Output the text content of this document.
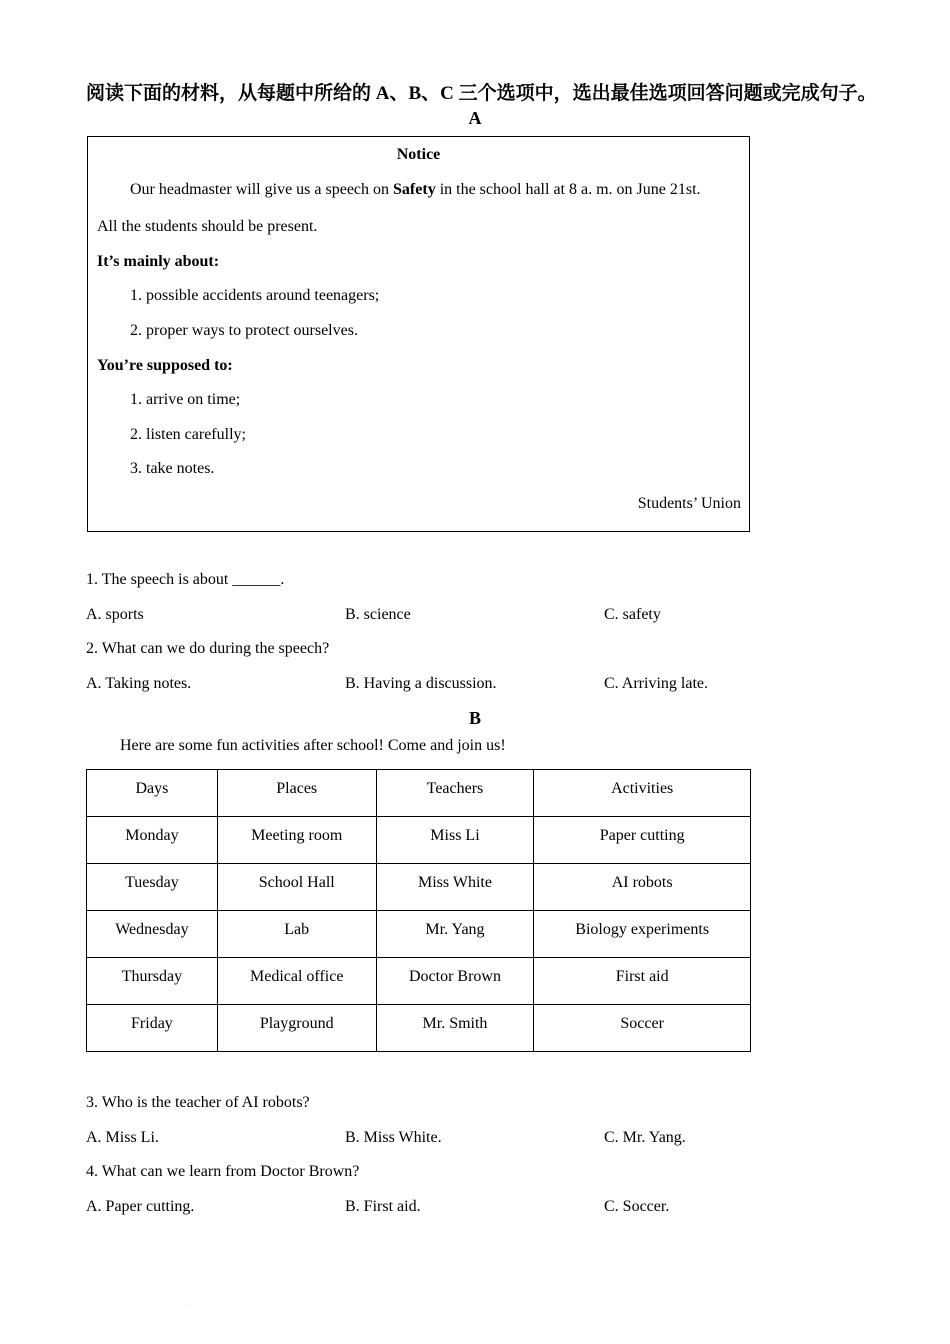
阅读下面的材料，从每题中所给的 A、B、C 三个选项中，选出最佳选项回答问题或完成句子。
A
Notice
Our headmaster will give us a speech on Safety in the school hall at 8 a. m. on June 21st.
All the students should be present.
It’s mainly about:
1. possible accidents around teenagers;
2. proper ways to protect ourselves.
You’re supposed to:
1. arrive on time;
2. listen carefully;
3. take notes.
Students’ Union
1. The speech is about ______.
A. sports	B. science	C. safety
2. What can we do during the speech?
A. Taking notes.	B. Having a discussion.	C. Arriving late.
B
Here are some fun activities after school! Come and join us!
Days	Places	Teachers	Activities
Monday	Meeting room	Miss Li	Paper cutting
Tuesday	School Hall	Miss White	AI robots
Wednesday	Lab	Mr. Yang	Biology experiments
Thursday	Medical office	Doctor Brown	First aid
Friday	Playground	Mr. Smith	Soccer
3. Who is the teacher of AI robots?
A. Miss Li.	B. Miss White.	C. Mr. Yang.
4. What can we learn from Doctor Brown?
A. Paper cutting.	B. First aid.	C. Soccer.
·
